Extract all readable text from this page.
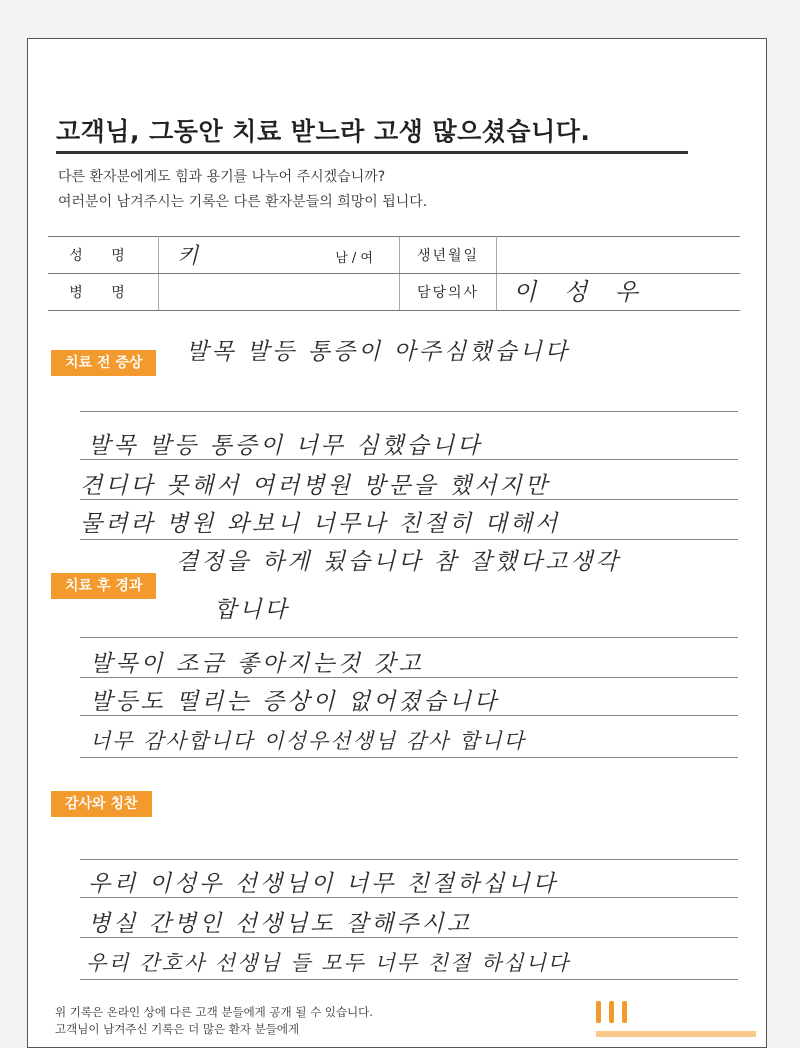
고객님, 그동안 치료 받느라 고생 많으셨습니다.
다른 환자분에게도 힘과 용기를 나누어 주시겠습니까?
여러분이 남겨주시는 기록은 다른 환자분들의 희망이 됩니다.
성 명	키 남 / 여	생년월일	
병 명		담당의사	이 성 우
치료 전 증상	발목 발등 통증이 아주심했습니다
발목 발등 통증이 너무 심했습니다
견디다 못해서 여러병원 방문을 했서지만
물려라 병원 와보니 너무나 친절히 대해서
결정을 하게 됬습니다 참 잘했다고생각
치료 후 경과
합니다
발목이 조금 좋아지는것 갓고
발등도 떨리는 증상이 없어졌습니다
너무 감사합니다 이성우선생님 감사 합니다
감사와 칭찬
우리 이성우 선생님이 너무 친절하십니다
병실 간병인 선생님도 잘해주시고
우리 간호사 선생님 들 모두 너무 친절 하십니다
위 기록은 온라인 상에 다른 고객 분들에게 공개 될 수 있습니다.
고객님이 남겨주신 기록은 더 많은 환자 분들에게
